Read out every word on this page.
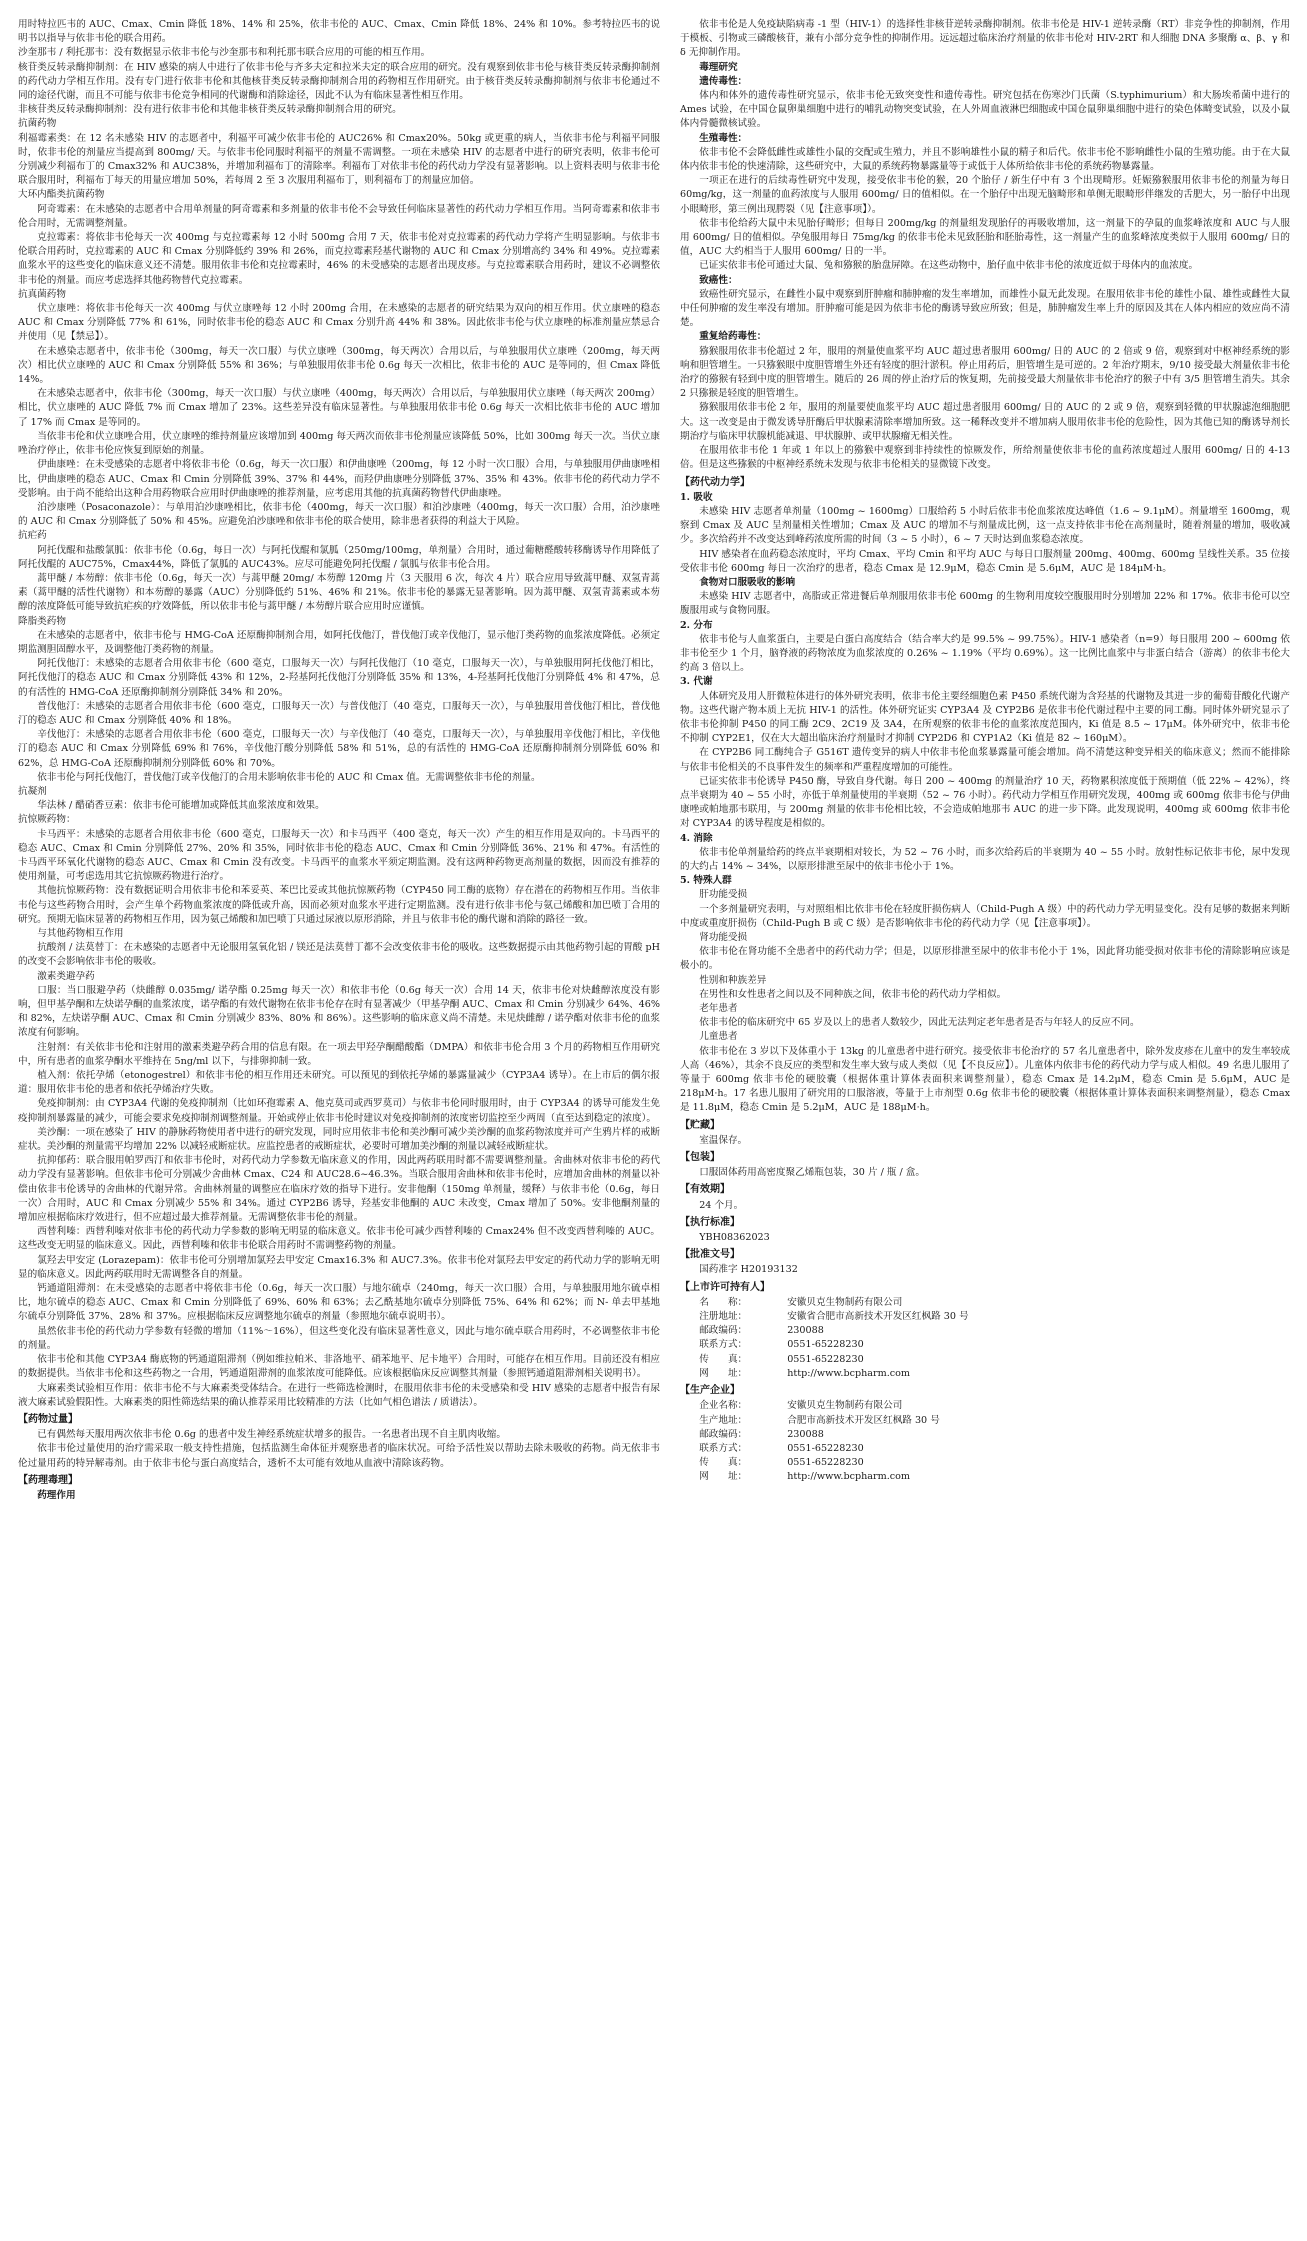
用时特拉匹韦的 AUC、Cmax、Cmin 降低 18%、14% 和 25%，依非韦伦的 AUC、Cmax、Cmin 降低 18%、24% 和 10%。参考特拉匹韦的说明书以指导与依非韦伦的联合用药。

沙奎那韦 / 利托那韦：没有数据显示依非韦伦与沙奎那韦和利托那韦联合应用的可能的相互作用。

核苷类反转录酶抑制剂：在 HIV 感染的病人中进行了依非韦伦与齐多夫定和拉米夫定的联合应用的研究。没有观察到依非韦伦与核苷类反转录酶抑制剂的药代动力学相互作用。没有专门进行依非韦伦和其他核苷类反转录酶抑制剂合用的药物相互作用研究。由于核苷类反转录酶抑制剂与依非韦伦通过不同的途径代谢，而且不可能与依非韦伦竞争相同的代谢酶和消除途径，因此不认为有临床显著性相互作用。

非核苷类反转录酶抑制剂：没有进行依非韦伦和其他非核苷类反转录酶抑制剂合用的研究。

抗菌药物

利福霉素类：在 12 名未感染 HIV 的志愿者中，利福平可减少依非韦伦的 AUC26% 和 Cmax20%。50kg 或更重的病人，当依非韦伦与利福平同服时，依非韦伦的剂量应当提高到 800mg/ 天。与依非韦伦同服时利福平的剂量不需调整。一项在未感染 HIV 的志愿者中进行的研究表明，依非韦伦可分别减少利福布丁的 Cmax32% 和 AUC38%，并增加利福布丁的清除率。利福布丁对依非韦伦的药代动力学没有显著影响。以上资料表明与依非韦伦联合服用时，利福布丁每天的用量应增加 50%，若每周 2 至 3 次服用利福布丁，则利福布丁的剂量应加倍。

大环内酯类抗菌药物

阿奇霉素：在未感染的志愿者中合用单剂量的阿奇霉素和多剂量的依非韦伦不会导致任何临床显著性的药代动力学相互作用。当阿奇霉素和依非韦伦合用时，无需调整剂量。

克拉霉素：将依非韦伦每天一次 400mg 与克拉霉素每 12 小时 500mg 合用 7 天，依非韦伦对克拉霉素的药代动力学将产生明显影响。与依非韦伦联合用药时，克拉霉素的 AUC 和 Cmax 分别降低约 39% 和 26%，而克拉霉素羟基代谢物的 AUC 和 Cmax 分别增高约 34% 和 49%。克拉霉素血浆水平的这些变化的临床意义还不清楚。服用依非韦伦和克拉霉素时，46% 的未受感染的志愿者出现皮疹。与克拉霉素联合用药时，建议不必调整依非韦伦的剂量。而应考虑选择其他药物替代克拉霉素。

抗真菌药物

伏立康唑：将依非韦伦每天一次 400mg 与伏立康唑每 12 小时 200mg 合用，在未感染的志愿者的研究结果为双向的相互作用。伏立康唑的稳态 AUC 和 Cmax 分别降低 77% 和 61%，同时依非韦伦的稳态 AUC 和 Cmax 分别升高 44% 和 38%。因此依非韦伦与伏立康唑的标准剂量应禁忌合并使用（见【禁忌】）。

在未感染志愿者中，依非韦伦（300mg，每天一次口服）与伏立康唑（300mg，每天两次）合用以后，与单独服用伏立康唑（200mg，每天两次）相比伏立康唑的 AUC 和 Cmax 分别降低 55% 和 36%；与单独服用依非韦伦 0.6g 每天一次相比，依非韦伦的 AUC 是等同的，但 Cmax 降低 14%。

在未感染志愿者中，依非韦伦（300mg，每天一次口服）与伏立康唑（400mg，每天两次）合用以后，与单独服用伏立康唑（每天两次 200mg）相比，伏立康唑的 AUC 降低 7% 而 Cmax 增加了 23%。这些差异没有临床显著性。与单独服用依非韦伦 0.6g 每天一次相比依非韦伦的 AUC 增加了 17% 而 Cmax 是等同的。

当依非韦伦和伏立康唑合用，伏立康唑的维持剂量应该增加到 400mg 每天两次而依非韦伦剂量应该降低 50%，比如 300mg 每天一次。当伏立康唑治疗停止，依非韦伦应恢复到原始的剂量。

伊曲康唑：在未受感染的志愿者中将依非韦伦（0.6g，每天一次口服）和伊曲康唑（200mg，每 12 小时一次口服）合用，与单独服用伊曲康唑相比，伊曲康唑的稳态 AUC、Cmax 和 Cmin 分别降低 39%、37% 和 44%，而羟伊曲康唑分别降低 37%、35% 和 43%。依非韦伦的药代动力学不受影响。由于尚不能给出这种合用药物联合应用时伊曲康唑的推荐剂量，应考虑用其他的抗真菌药物替代伊曲康唑。

泊沙康唑（Posaconazole）：与单用泊沙康唑相比，依非韦伦（400mg，每天一次口服）和泊沙康唑（400mg，每天一次口服）合用，泊沙康唑的 AUC 和 Cmax 分别降低了 50% 和 45%。应避免泊沙康唑和依非韦伦的联合使用，除非患者获得的利益大于风险。

抗疟药

阿托伐醌和盐酸氯胍：依非韦伦（0.6g，每日一次）与阿托伐醌和氯胍（250mg/100mg，单剂量）合用时，通过葡糖醛酸转移酶诱导作用降低了阿托伐醌的 AUC75%，Cmax44%，降低了氯胍的 AUC43%。应尽可能避免阿托伐醌 / 氯胍与依非韦伦合用。

蒿甲醚 / 本芴醇：依非韦伦（0.6g，每天一次）与蒿甲醚 20mg/ 本芴醇 120mg 片（3 天服用 6 次，每次 4 片）联合应用导致蒿甲醚、双氢青蒿素（蒿甲醚的活性代谢物）和本芴醇的暴露（AUC）分别降低约 51%、46% 和 21%。依非韦伦的暴露无显著影响。因为蒿甲醚、双氢青蒿素或本芴醇的浓度降低可能导致抗疟疾的疗效降低，所以依非韦伦与蒿甲醚 / 本芴醇片联合应用时应谨慎。

降脂类药物

在未感染的志愿者中，依非韦伦与 HMG-CoA 还原酶抑制剂合用，如阿托伐他汀，普伐他汀或辛伐他汀，显示他汀类药物的血浆浓度降低。必须定期监测胆固醇水平，及调整他汀类药物的剂量。

阿托伐他汀：未感染的志愿者合用依非韦伦（600 毫克，口服每天一次）与阿托伐他汀（10 毫克，口服每天一次），与单独服用阿托伐他汀相比，阿托伐他汀的稳态 AUC 和 Cmax 分别降低 43% 和 12%，2-羟基阿托伐他汀分别降低 35% 和 13%，4-羟基阿托伐他汀分别降低 4% 和 47%，总的有活性的 HMG-CoA 还原酶抑制剂分别降低 34% 和 20%。

普伐他汀：未感染的志愿者合用依非韦伦（600 毫克，口服每天一次）与普伐他汀（40 毫克，口服每天一次），与单独服用普伐他汀相比，普伐他汀的稳态 AUC 和 Cmax 分别降低 40% 和 18%。

辛伐他汀：未感染的志愿者合用依非韦伦（600 毫克，口服每天一次）与辛伐他汀（40 毫克，口服每天一次），与单独服用辛伐他汀相比，辛伐他汀的稳态 AUC 和 Cmax 分别降低 69% 和 76%，辛伐他汀酸分别降低 58% 和 51%，总的有活性的 HMG-CoA 还原酶抑制剂分别降低 60% 和 62%，总 HMG-CoA 还原酶抑制剂分别降低 60% 和 70%。

依非韦伦与阿托伐他汀，普伐他汀或辛伐他汀的合用未影响依非韦伦的 AUC 和 Cmax 值。无需调整依非韦伦的剂量。

抗凝剂

华法林 / 醋硝香豆素：依非韦伦可能增加或降低其血浆浓度和效果。

抗惊厥药物：

卡马西平：未感染的志愿者合用依非韦伦（600 毫克，口服每天一次）和卡马西平（400 毫克，每天一次）产生的相互作用是双向的。卡马西平的稳态 AUC、Cmax 和 Cmin 分别降低 27%、20% 和 35%，同时依非韦伦的稳态 AUC、Cmax 和 Cmin 分别降低 36%、21% 和 47%。有活性的卡马西平环氧化代谢物的稳态 AUC、Cmax 和 Cmin 没有改变。卡马西平的血浆水平须定期监测。没有这两种药物更高剂量的数据，因而没有推荐的使用剂量，可考虑选用其它抗惊厥药物进行治疗。

其他抗惊厥药物：没有数据证明合用依非韦伦和苯妥英、苯巴比妥或其他抗惊厥药物（CYP450 同工酶的底物）存在潜在的药物相互作用。当依非韦伦与这些药物合用时，会产生单个药物血浆浓度的降低或升高，因而必须对血浆水平进行定期监测。没有进行依非韦伦与氨己烯酸和加巴喷丁合用的研究。预期无临床显著的药物相互作用，因为氨己烯酸和加巴喷丁只通过尿液以原形消除，并且与依非韦伦的酶代谢和消除的路径一致。

与其他药物相互作用

抗酸剂 / 法莫替丁：在未感染的志愿者中无论服用氢氧化铝 / 镁还是法莫替丁都不会改变依非韦伦的吸收。这些数据提示由其他药物引起的胃酸 pH 的改变不会影响依非韦伦的吸收。

激素类避孕药

口服：当口服避孕药（炔雌醇 0.035mg/ 诺孕酯 0.25mg 每天一次）和依非韦伦（0.6g 每天一次）合用 14 天，依非韦伦对炔雌醇浓度没有影响，但甲基孕酮和左炔诺孕酮的血浆浓度，诺孕酯的有效代谢物在依非韦伦存在时有显著减少（甲基孕酮 AUC、Cmax 和 Cmin 分别减少 64%、46% 和 82%，左炔诺孕酮 AUC、Cmax 和 Cmin 分别减少 83%、80% 和 86%）。这些影响的临床意义尚不清楚。未见炔雌醇 / 诺孕酯对依非韦伦的血浆浓度有何影响。

注射剂：有关依非韦伦和注射用的激素类避孕药合用的信息有限。在一项去甲羟孕酮醋酸酯（DMPA）和依非韦伦合用 3 个月的药物相互作用研究中，所有患者的血浆孕酮水平维持在 5ng/ml 以下，与排卵抑制一致。

植入剂：依托孕烯（etonogestrel）和依非韦伦的相互作用还未研究。可以预见的到依托孕烯的暴露量减少（CYP3A4 诱导）。在上市后的偶尔报道：服用依非韦伦的患者和依托孕烯治疗失败。

免疫抑制剂：由 CYP3A4 代谢的免疫抑制剂（比如环孢霉素 A、他克莫司或西罗莫司）与依非韦伦同时服用时，由于 CYP3A4 的诱导可能发生免疫抑制剂暴露量的减少，可能会要求免疫抑制剂调整剂量。开始或停止依非韦伦时建议对免疫抑制剂的浓度密切监控至少两周（直至达到稳定的浓度）。

美沙酮：一项在感染了 HIV 的静脉药物使用者中进行的研究发现，同时应用依非韦伦和美沙酮可减少美沙酮的血浆药物浓度并可产生鸦片样的戒断症状。美沙酮的剂量需平均增加 22% 以减轻戒断症状。应监控患者的戒断症状，必要时可增加美沙酮的剂量以减轻戒断症状。

抗抑郁药：联合服用帕罗西汀和依非韦伦时，对药代动力学参数无临床意义的作用，因此两药联用时都不需要调整剂量。舍曲林对依非韦伦的药代动力学没有显著影响。但依非韦伦可分别减少舍曲林 Cmax、C24 和 AUC28.6~46.3%。当联合服用舍曲林和依非韦伦时，应增加舍曲林的剂量以补偿由依非韦伦诱导的舍曲林的代谢异常。舍曲林剂量的调整应在临床疗效的指导下进行。安非他酮（150mg 单剂量，缓释）与依非韦伦（0.6g，每日一次）合用时，AUC 和 Cmax 分别减少 55% 和 34%。通过 CYP2B6 诱导，羟基安非他酮的 AUC 未改变，Cmax 增加了 50%。安非他酮剂量的增加应根据临床疗效进行，但不应超过最大推荐剂量。无需调整依非韦伦的剂量。

西替利嗪：西替利嗪对依非韦伦的药代动力学参数的影响无明显的临床意义。依非韦伦可减少西替利嗪的 Cmax24% 但不改变西替利嗪的 AUC。这些改变无明显的临床意义。因此，西替利嗪和依非韦伦联合用药时不需调整药物的剂量。

氯羟去甲安定 (Lorazepam)：依非韦伦可分别增加氯羟去甲安定 Cmax16.3% 和 AUC7.3%。依非韦伦对氯羟去甲安定的药代动力学的影响无明显的临床意义。因此两药联用时无需调整各自的剂量。

钙通道阻滞剂：在未受感染的志愿者中将依非韦伦（0.6g，每天一次口服）与地尔硫卓（240mg，每天一次口服）合用，与单独服用地尔硫卓相比，地尔硫卓的稳态 AUC、Cmax 和 Cmin 分别降低了 69%、60% 和 63%；去乙酰基地尔硫卓分别降低 75%、64% 和 62%；而 N- 单去甲基地尔硫卓分别降低 37%、28% 和 37%。应根据临床反应调整地尔硫卓的剂量（参照地尔硫卓说明书）。

虽然依非韦伦的药代动力学参数有轻微的增加（11%～16%），但这些变化没有临床显著性意义，因此与地尔硫卓联合用药时，不必调整依非韦伦的剂量。

依非韦伦和其他 CYP3A4 酶底物的钙通道阻滞剂（例如维拉帕米、非洛地平、硝苯地平、尼卡地平）合用时，可能存在相互作用。目前还没有相应的数据提供。当依非韦伦和这些药物之一合用，钙通道阻滞剂的血浆浓度可能降低。应该根据临床反应调整其剂量（参照钙通道阻滞剂相关说明书）。

大麻素类试验相互作用：依非韦伦不与大麻素类受体结合。在进行一些筛选检测时，在服用依非韦伦的未受感染和受 HIV 感染的志愿者中报告有尿液大麻素试验假阳性。大麻素类的阳性筛选结果的确认推荐采用比较精准的方法（比如气相色谱法 / 质谱法）。

【药物过量】

已有偶然每天服用两次依非韦伦 0.6g 的患者中发生神经系统症状增多的报告。一名患者出现不自主肌肉收缩。

依非韦伦过量使用的治疗需采取一般支持性措施，包括监测生命体征并观察患者的临床状况。可给予活性炭以帮助去除未吸收的药物。尚无依非韦伦过量用药的特异解毒剂。由于依非韦伦与蛋白高度结合，透析不太可能有效地从血液中清除该药物。

【药理毒理】

药理作用

依非韦伦是人免疫缺陷病毒 -1 型（HIV-1）的选择性非核苷逆转录酶抑制剂。依非韦伦是 HIV-1 逆转录酶（RT）非竞争性的抑制剂，作用于模板、引物或三磷酸核苷，兼有小部分竞争性的抑制作用。远远超过临床治疗剂量的依非韦伦对 HIV-2RT 和人细胞 DNA 多聚酶 α、β、γ 和 δ 无抑制作用。

毒理研究

遗传毒性：

体内和体外的遗传毒性研究显示，依非韦伦无致突变性和遗传毒性。研究包括在伤寒沙门氏菌（S.typhimurium）和大肠埃希菌中进行的 Ames 试验，在中国仓鼠卵巢细胞中进行的哺乳动物突变试验，在人外周血液淋巴细胞或中国仓鼠卵巢细胞中进行的染色体畸变试验，以及小鼠体内骨髓微核试验。

生殖毒性：

依非韦伦不会降低雌性或雄性小鼠的交配或生殖力，并且不影响雄性小鼠的精子和后代。依非韦伦不影响雌性小鼠的生殖功能。由于在大鼠体内依非韦伦的快速清除，这些研究中，大鼠的系统药物暴露量等于或低于人体所给依非韦伦的系统药物暴露量。

一项正在进行的后续毒性研究中发现，接受依非韦伦的猴，20 个胎仔 / 新生仔中有 3 个出现畸形。妊娠猕猴服用依非韦伦的剂量为每日 60mg/kg，这一剂量的血药浓度与人服用 600mg/ 日的值相似。在一个胎仔中出现无脑畸形和单侧无眼畸形伴继发的舌肥大，另一胎仔中出现小眼畸形，第三例出现腭裂（见【注意事项】）。

依非韦伦给药大鼠中未见胎仔畸形；但每日 200mg/kg 的剂量组发现胎仔的再吸收增加，这一剂量下的孕鼠的血浆峰浓度和 AUC 与人服用 600mg/ 日的值相似。孕兔服用每日 75mg/kg 的依非韦伦未见致胚胎和胚胎毒性，这一剂量产生的血浆峰浓度类似于人服用 600mg/ 日的值，AUC 大约相当于人服用 600mg/ 日的一半。

已证实依非韦伦可通过大鼠、兔和猕猴的胎盘屏障。在这些动物中，胎仔血中依非韦伦的浓度近似于母体内的血浓度。

致癌性：

致癌性研究显示，在雌性小鼠中观察到肝肿瘤和肺肿瘤的发生率增加，而雄性小鼠无此发现。在服用依非韦伦的雄性小鼠、雄性或雌性大鼠中任何肿瘤的发生率没有增加。肝肿瘤可能是因为依非韦伦的酶诱导致应所致；但是，肺肿瘤发生率上升的原因及其在人体内相应的效应尚不清楚。

重复给药毒性：

猕猴服用依非韦伦超过 2 年，服用的剂量使血浆平均 AUC 超过患者服用 600mg/ 日的 AUC 的 2 倍或 9 倍，观察到对中枢神经系统的影响和胆管增生。一只猕猴眼中度胆管增生外还有轻度的胆汁淤积。停止用药后，胆管增生是可逆的。2 年治疗期末，9/10 接受最大剂量依非韦伦治疗的猕猴有轻到中度的胆管增生。随后的 26 周的停止治疗后的恢复期，先前接受最大剂量依非韦伦治疗的猴子中有 3/5 胆管增生消失。其余 2 只猕猴是轻度的胆管增生。

猕猴服用依非韦伦 2 年，服用的剂量要使血浆平均 AUC 超过患者服用 600mg/ 日的 AUC 的 2 或 9 倍，观察到轻微的甲状腺滤泡细胞肥大。这一改变是由于微发诱导肝酶后甲状腺素清除率增加所致。这一稀释改变并不增加病人服用依非韦伦的危险性，因为其他已知的酶诱导剂长期治疗与临床甲状腺机能减退、甲状腺肿、或甲状腺瘤无相关性。

在服用依非韦伦 1 年或 1 年以上的猕猴中观察到非持续性的惊厥发作，所给剂量使依非韦伦的血药浓度超过人服用 600mg/ 日的 4-13 倍。但是这些猕猴的中枢神经系统未发现与依非韦伦相关的显微镜下改变。

【药代动力学】

1. 吸收

未感染 HIV 志愿者单剂量（100mg ~ 1600mg）口服给药 5 小时后依非韦伦血浆浓度达峰值（1.6 ~ 9.1μM）。剂量增至 1600mg，观察到 Cmax 及 AUC 呈剂量相关性增加；Cmax 及 AUC 的增加不与剂量成比例，这一点支持依非韦伦在高剂量时，随着剂量的增加，吸收减少。多次给药并不改变达到峰药浓度所需的时间（3 ~ 5 小时），6 ~ 7 天时达到血浆稳态浓度。

HIV 感染者在血药稳态浓度时，平均 Cmax、平均 Cmin 和平均 AUC 与每日口服剂量 200mg、400mg、600mg 呈线性关系。35 位接受依非韦伦 600mg 每日一次治疗的患者，稳态 Cmax 是 12.9μM，稳态 Cmin 是 5.6μM，AUC 是 184μM·h。

食物对口服吸收的影响

未感染 HIV 志愿者中，高脂或正常进餐后单剂服用依非韦伦 600mg 的生物利用度较空腹服用时分别增加 22% 和 17%。依非韦伦可以空腹服用或与食物同服。

2. 分布

依非韦伦与人血浆蛋白，主要是白蛋白高度结合（结合率大约是 99.5% ~ 99.75%）。HIV-1 感染者（n=9）每日服用 200 ~ 600mg 依非韦伦至少 1 个月，脑脊液的药物浓度为血浆浓度的 0.26% ~ 1.19%（平均 0.69%）。这一比例比血浆中与非蛋白结合（游离）的依非韦伦大约高 3 倍以上。

3. 代谢

人体研究及用人肝微粒体进行的体外研究表明，依非韦伦主要经细胞色素 P450 系统代谢为含羟基的代谢物及其进一步的葡萄苷酸化代谢产物。这些代谢产物本质上无抗 HIV-1 的活性。体外研究证实 CYP3A4 及 CYP2B6 是依非韦伦代谢过程中主要的同工酶。同时体外研究显示了依非韦伦抑制 P450 的同工酶 2C9、2C19 及 3A4，在所观察的依非韦伦的血浆浓度范围内，Ki 值是 8.5 ~ 17μM。体外研究中，依非韦伦不抑制 CYP2E1，仅在大大超出临床治疗剂量时才抑制 CYP2D6 和 CYP1A2（Ki 值是 82 ~ 160μM）。

在 CYP2B6 同工酶纯合子 G516T 遗传变异的病人中依非韦伦血浆暴露量可能会增加。尚不清楚这种变异相关的临床意义；然而不能排除与依非韦伦相关的不良事件发生的频率和严重程度增加的可能性。

已证实依非韦伦诱导 P450 酶，导致自身代谢。每日 200 ~ 400mg 的剂量治疗 10 天，药物累积浓度低于预期值（低 22% ~ 42%），终点半衰期为 40 ~ 55 小时，亦低于单剂量使用的半衰期（52 ~ 76 小时）。药代动力学相互作用研究发现，400mg 或 600mg 依非韦伦与伊曲康唑或帕地那韦联用，与 200mg 剂量的依非韦伦相比较，不会造成帕地那韦 AUC 的进一步下降。此发现说明，400mg 或 600mg 依非韦伦对 CYP3A4 的诱导程度是相似的。

4. 消除

依非韦伦单剂量给药的终点半衰期相对较长，为 52 ~ 76 小时，而多次给药后的半衰期为 40 ~ 55 小时。放射性标记依非韦伦，尿中发现的大约占 14% ~ 34%，以原形排泄至尿中的依非韦伦小于 1%。

5. 特殊人群

肝功能受损

一个多剂量研究表明，与对照组相比依非韦伦在轻度肝损伤病人（Child-Pugh A 级）中的药代动力学无明显变化。没有足够的数据来判断中度或重度肝损伤（Child-Pugh B 或 C 级）是否影响依非韦伦的药代动力学（见【注意事项】）。

肾功能受损

依非韦伦在肾功能不全患者中的药代动力学；但是，以原形排泄至尿中的依非韦伦小于 1%，因此肾功能受损对依非韦伦的清除影响应该是极小的。

性别和种族差异

在男性和女性患者之间以及不同种族之间，依非韦伦的药代动力学相似。

老年患者

依非韦伦的临床研究中 65 岁及以上的患者人数较少，因此无法判定老年患者是否与年轻人的反应不同。

儿童患者

依非韦伦在 3 岁以下及体重小于 13kg 的儿童患者中进行研究。接受依非韦伦治疗的 57 名儿童患者中，除外发皮疹在儿童中的发生率较成人高（46%），其余不良反应的类型和发生率大致与成人类似（见【不良反应】）。儿童体内依非韦伦的药代动力学与成人相似。49 名患儿服用了等量于 600mg 依非韦伦的硬胶囊（根据体重计算体表面积来调整剂量），稳态 Cmax 是 14.2μM，稳态 Cmin 是 5.6μM，AUC 是 218μM·h。17 名患儿服用了研究用的口服溶液，等量于上市剂型 0.6g 依非韦伦的硬胶囊（根据体重计算体表面积来调整剂量），稳态 Cmax 是 11.8μM，稳态 Cmin 是 5.2μM，AUC 是 188μM·h。

【贮藏】

室温保存。

【包装】

口服固体药用高密度聚乙烯瓶包装，30 片 / 瓶 / 盒。

【有效期】

24 个月。

【执行标准】

YBH08362023

【批准文号】

国药准字 H20193132

【上市许可持有人】
名　　称：	安徽贝克生物制药有限公司
注册地址：	安徽省合肥市高新技术开发区红枫路 30 号
邮政编码：	230088
联系方式：	0551-65228230
传　　真：	0551-65228230
网　　址：	http://www.bcpharm.com
【生产企业】
企业名称：	安徽贝克生物制药有限公司
生产地址：	合肥市高新技术开发区红枫路 30 号
邮政编码：	230088
联系方式：	0551-65228230
传　　真：	0551-65228230
网　　址：	http://www.bcpharm.com
